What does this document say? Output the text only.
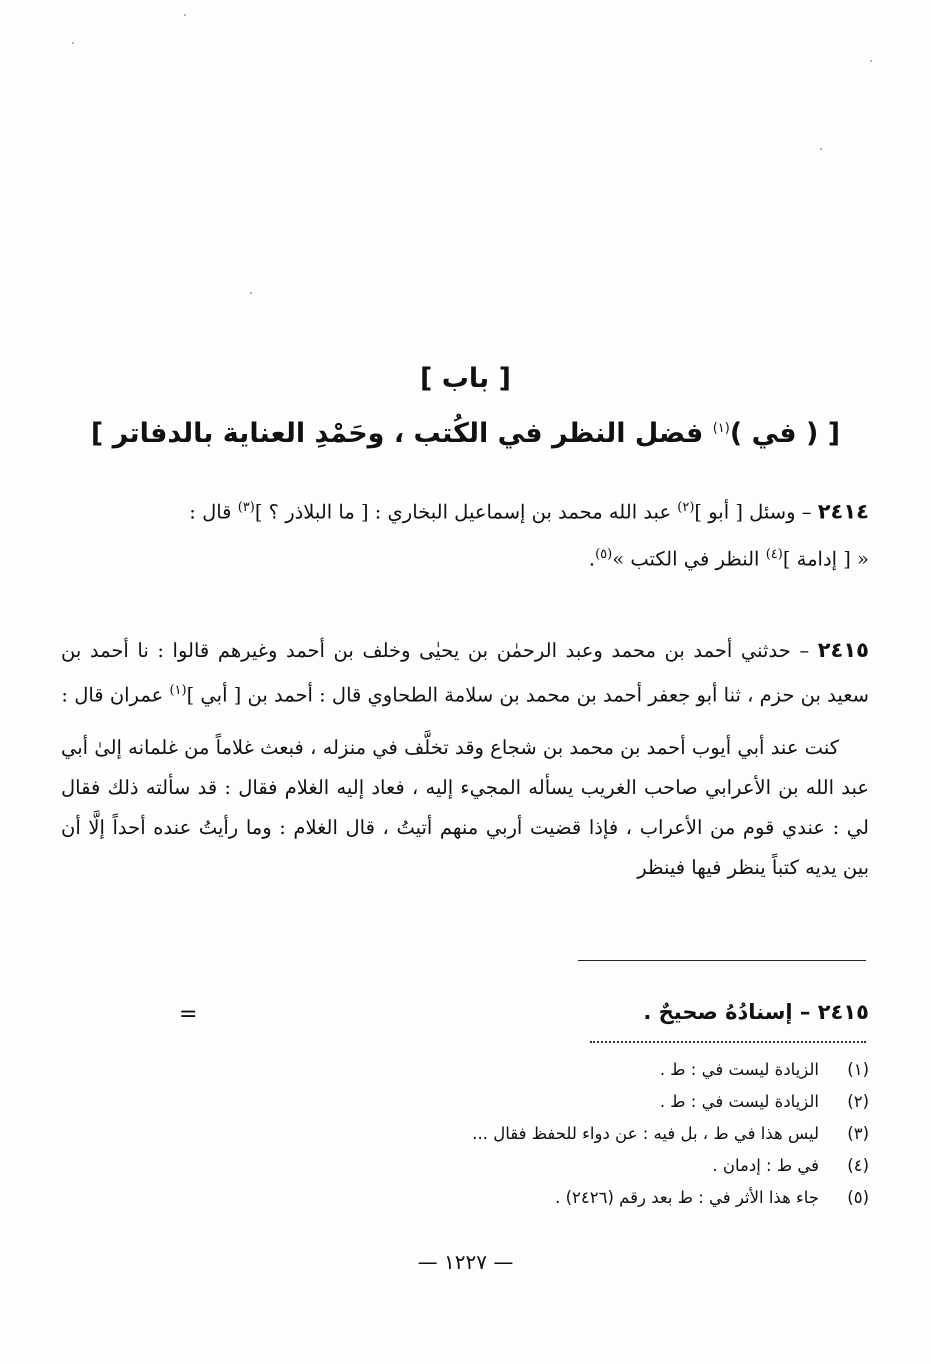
[ باب ]
[ ( في )$^{(١)}$ فضل النظر في الكُتب ، وحَمْدِ العناية بالدفاتر ]

٢٤١٤ – وسئل [ أبو ]$^{(٢)}$ عبد الله محمد بن إسماعيل البخاري : [ ما البلاذر ؟ ]$^{(٣)}$ قال :

« [ إدامة ]$^{(٤)}$ النظر في الكتب »$^{(٥)}$.

٢٤١٥ – حدثني أحمد بن محمد وعبد الرحمٰن بن يحيٰى وخلف بن أحمد وغيرهم قالوا : نا أحمد بن سعيد بن حزم ، ثنا أبو جعفر أحمد بن محمد بن سلامة الطحاوي قال : أحمد بن [ أبي ]$^{(١)}$ عمران قال :

كنت عند أبي أيوب أحمد بن محمد بن شجاع وقد تخلَّف في منزله ، فبعث غلاماً من غلمانه إلىٰ أبي عبد الله بن الأعرابي صاحب الغريب يسأله المجيء إليه ، فعاد إليه الغلام فقال : قد سألته ذلك فقال لي : عندي قوم من الأعراب ، فإذا قضيت أربي منهم أتيتُ ، قال الغلام : وما رأيتُ عنده أحداً إلَّا أن بين يديه كتباً ينظر فيها فينظر

٢٤١٥ – إسنادُهُ صحيحٌ .
=
(١)
الزيادة ليست في : ط .
(٢)
الزيادة ليست في : ط .
(٣)
ليس هذا في ط ، بل فيه : عن دواء للحفظ فقال ...
(٤)
في ط : إدمان .
(٥)
جاء هذا الأثر في : ط بعد رقم (٢٤٢٦) .
— ١٢٢٧ —
